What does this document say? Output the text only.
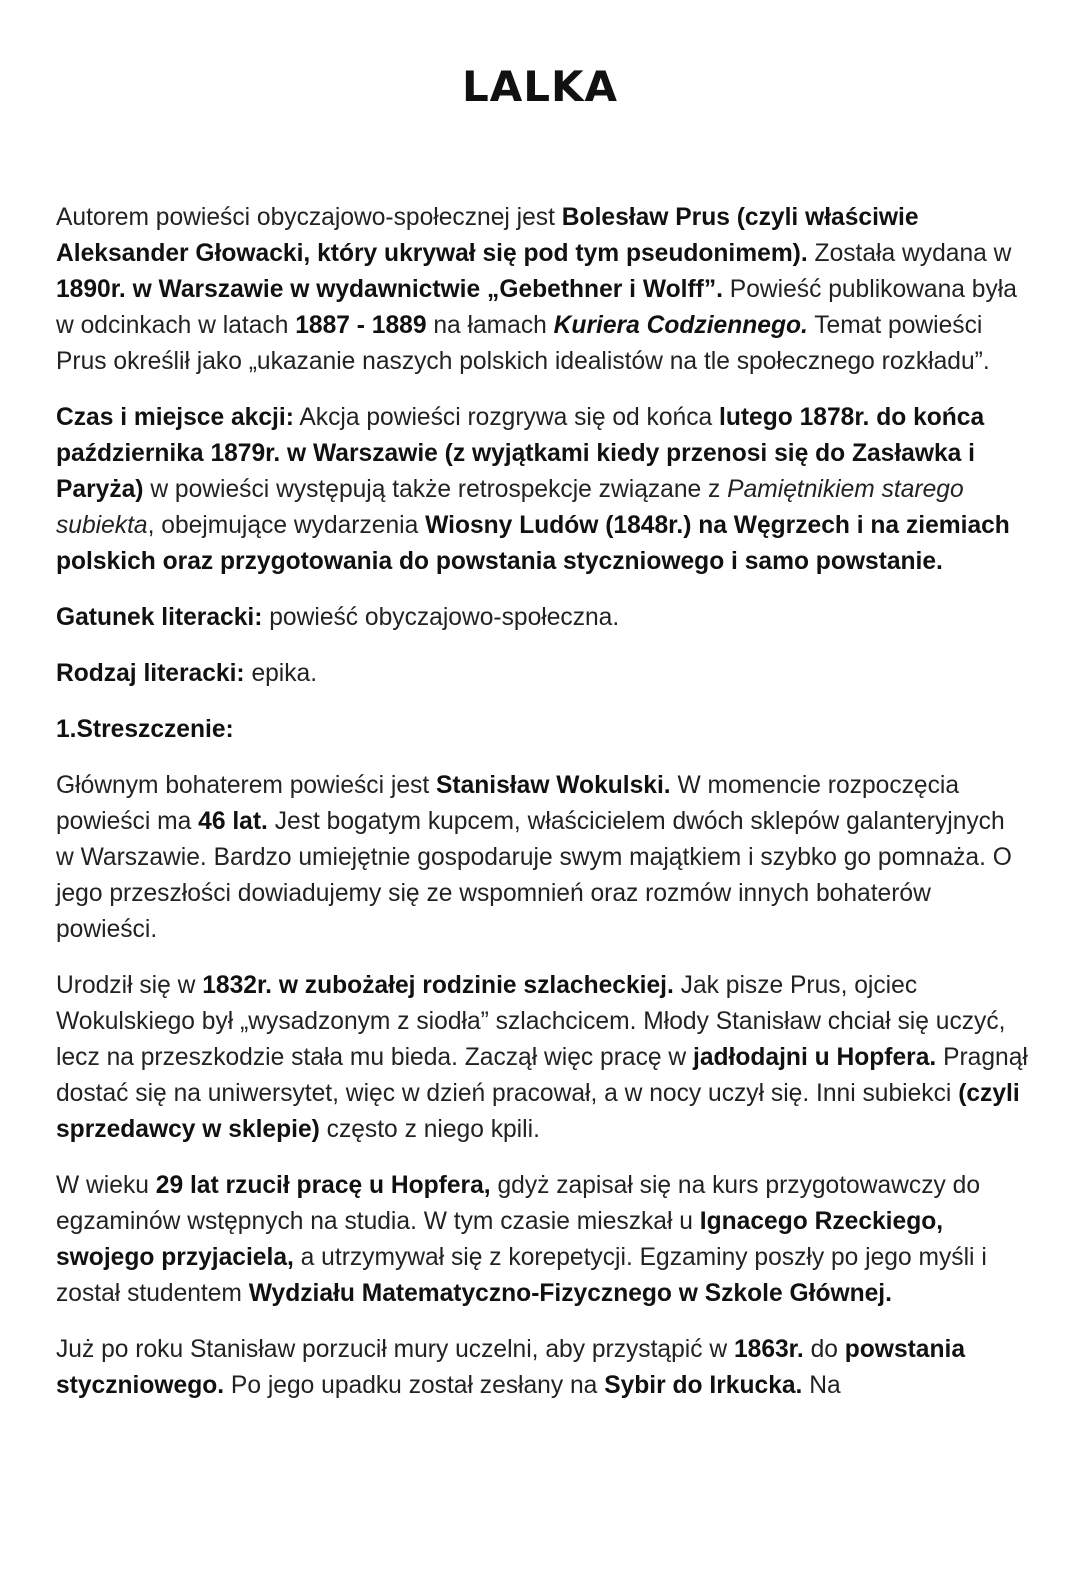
LALKA

Autorem powieści obyczajowo-społecznej jest Bolesław Prus (czyli właściwie Aleksander Głowacki, który ukrywał się pod tym pseudonimem). Została wydana w 1890r. w Warszawie w wydawnictwie „Gebethner i Wolff”. Powieść publikowana była w odcinkach w latach 1887 - 1889 na łamach Kuriera Codziennego. Temat powieści Prus określił jako „ukazanie naszych polskich idealistów na tle społecznego rozkładu”.

Czas i miejsce akcji: Akcja powieści rozgrywa się od końca lutego 1878r. do końca października 1879r. w Warszawie (z wyjątkami kiedy przenosi się do Zasławka i Paryża) w powieści występują także retrospekcje związane z Pamiętnikiem starego subiekta, obejmujące wydarzenia Wiosny Ludów (1848r.) na Węgrzech i na ziemiach polskich oraz przygotowania do powstania styczniowego i samo powstanie.

Gatunek literacki: powieść obyczajowo-społeczna.

Rodzaj literacki: epika.

1.Streszczenie:

Głównym bohaterem powieści jest Stanisław Wokulski. W momencie rozpoczęcia powieści ma 46 lat. Jest bogatym kupcem, właścicielem dwóch sklepów galanteryjnych w Warszawie. Bardzo umiejętnie gospodaruje swym majątkiem i szybko go pomnaża. O jego przeszłości dowiadujemy się ze wspomnień oraz rozmów innych bohaterów powieści.

Urodził się w 1832r. w zubożałej rodzinie szlacheckiej. Jak pisze Prus, ojciec Wokulskiego był „wysadzonym z siodła” szlachcicem. Młody Stanisław chciał się uczyć, lecz na przeszkodzie stała mu bieda. Zaczął więc pracę w jadłodajni u Hopfera. Pragnął dostać się na uniwersytet, więc w dzień pracował, a w nocy uczył się. Inni subiekci (czyli sprzedawcy w sklepie) często z niego kpili.

W wieku 29 lat rzucił pracę u Hopfera, gdyż zapisał się na kurs przygotowawczy do egzaminów wstępnych na studia. W tym czasie mieszkał u Ignacego Rzeckiego, swojego przyjaciela, a utrzymywał się z korepetycji. Egzaminy poszły po jego myśli i został studentem Wydziału Matematyczno-Fizycznego w Szkole Głównej.

Już po roku Stanisław porzucił mury uczelni, aby przystąpić w 1863r. do powstania styczniowego. Po jego upadku został zesłany na Sybir do Irkucka. Na
